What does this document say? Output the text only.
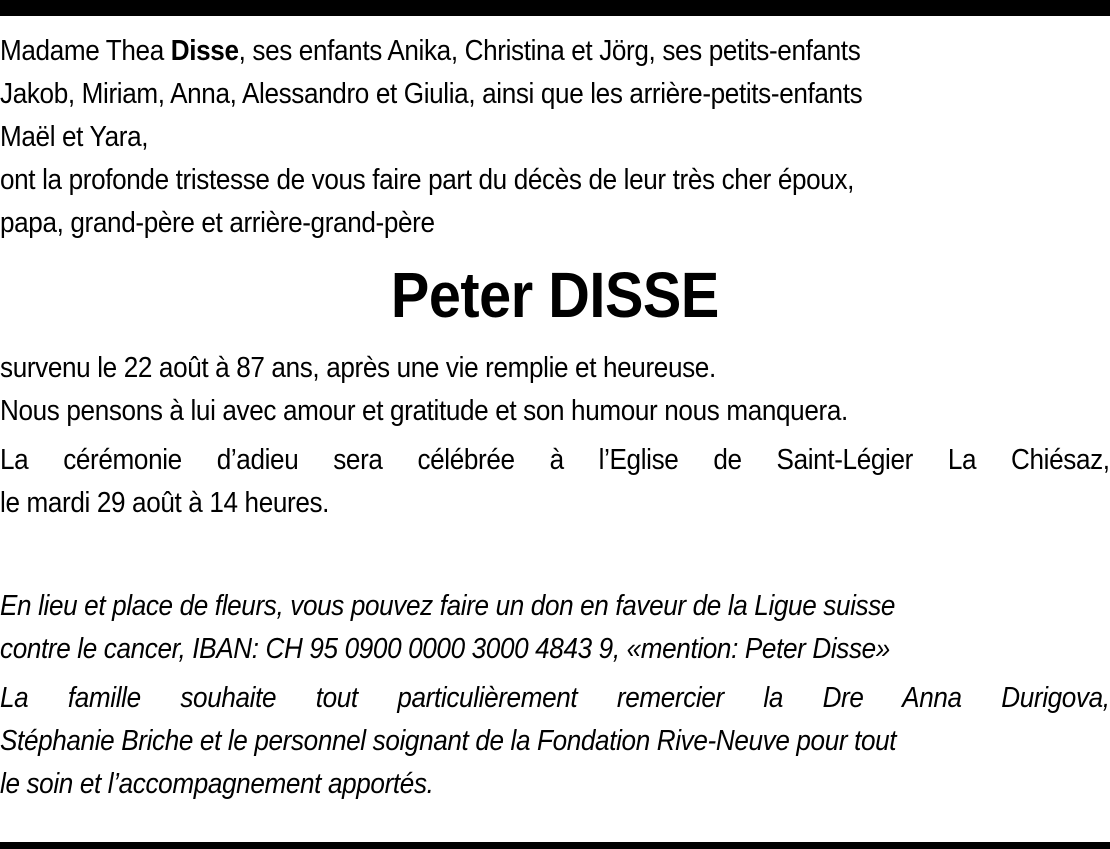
Madame Thea Disse, ses enfants Anika, Christina et Jörg, ses petits-enfants
Jakob, Miriam, Anna, Alessandro et Giulia, ainsi que les arrière-petits-enfants
Maël et Yara,
ont la profonde tristesse de vous faire part du décès de leur très cher époux,
papa, grand-père et arrière-grand-père

Peter DISSE

survenu le 22 août à 87 ans, après une vie remplie et heureuse.
Nous pensons à lui avec amour et gratitude et son humour nous manquera.

La cérémonie d’adieu sera célébrée à l’Eglise de Saint-Légier La Chiésaz,
le mardi 29 août à 14 heures.

En lieu et place de fleurs, vous pouvez faire un don en faveur de la Ligue suisse
contre le cancer, IBAN: CH 95 0900 0000 3000 4843 9, «mention: Peter Disse»

La famille souhaite tout particulièrement remercier la Dre Anna Durigova,
Stéphanie Briche et le personnel soignant de la Fondation Rive-Neuve pour tout
le soin et l’accompagnement apportés.
